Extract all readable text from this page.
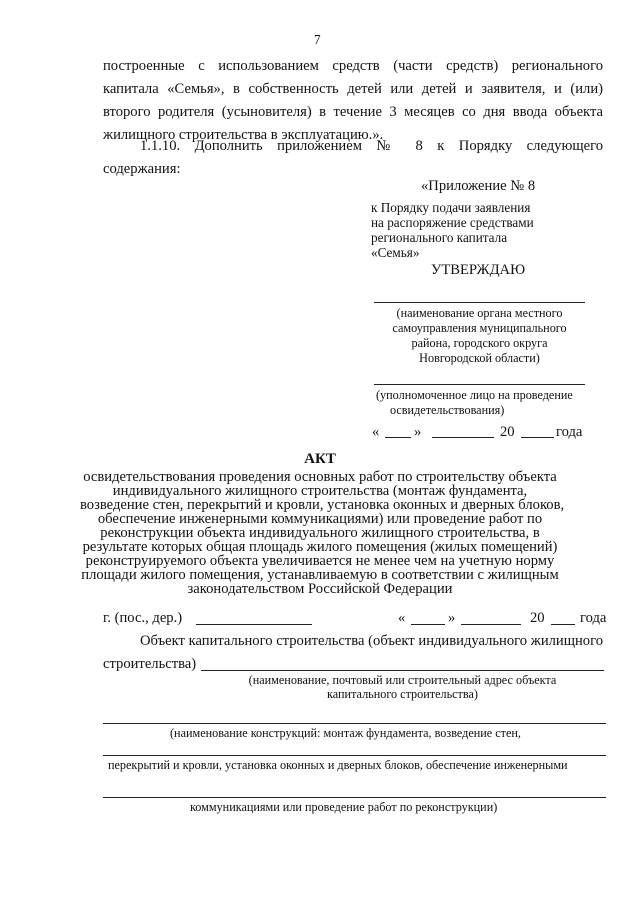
7
построенные с использованием средств (части средств) регионального
капитала «Семья», в собственность детей или детей и заявителя, и (или)
второго родителя (усыновителя) в течение 3 месяцев со дня ввода объекта
жилищного строительства в эксплуатацию.».
1.1.10. Дополнить приложением № 8 к Порядку следующего
содержания:
«Приложение № 8
к Порядку подачи заявления
на распоряжение средствами
регионального капитала
«Семья»
УТВЕРЖДАЮ
(наименование органа местного
самоуправления муниципального
района, городского округа
Новгородской области)
(уполномоченное лицо на проведение
освидетельствования)
« »	20	года
АКТ
освидетельствования проведения основных работ по строительству объекта
индивидуального жилищного строительства (монтаж фундамента,
возведение стен, перекрытий и кровли, установка оконных и дверных блоков,
обеспечение инженерными коммуникациями) или проведение работ по
реконструкции объекта индивидуального жилищного строительства, в
результате которых общая площадь жилого помещения (жилых помещений)
реконструируемого объекта увеличивается не менее чем на учетную норму
площади жилого помещения, устанавливаемую в соответствии с жилищным
законодательством Российской Федерации
г. (пос., дер.)	«	»	20 года
Объект капитального строительства (объект индивидуального жилищного
строительства)
(наименование, почтовый или строительный адрес объекта
капитального строительства)
(наименование конструкций: монтаж фундамента, возведение стен,
перекрытий и кровли, установка оконных и дверных блоков, обеспечение инженерными
коммуникациями или проведение работ по реконструкции)
